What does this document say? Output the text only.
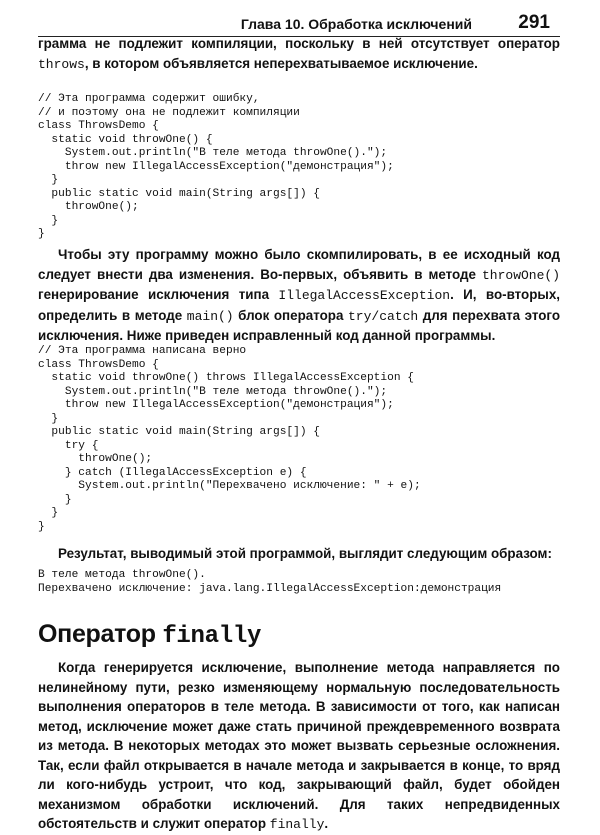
Глава 10. Обработка исключений 291

грамма не подлежит компиляции, поскольку в ней отсутствует оператор throws, в котором объявляется неперехватываемое исключение.

// Эта программа содержит ошибку,
// и поэтому она не подлежит компиляции
class ThrowsDemo {
static void throwOne() {
System.out.println("В теле метода throwOne().");
throw new IllegalAccessException("демонстрация");
}
public static void main(String args[]) {
throwOne();
}
}

Чтобы эту программу можно было скомпилировать, в ее исходный код следует внести два изменения. Во-первых, объявить в методе throwOne() генерирование исключения типа IllegalAccessException. И, во-вторых, определить в методе main() блок оператора try/catch для перехвата этого исключения. Ниже приведен исправленный код данной программы.

// Эта программа написана верно
class ThrowsDemo {
static void throwOne() throws IllegalAccessException {
System.out.println("В теле метода throwOne().");
throw new IllegalAccessException("демонстрация");
}
public static void main(String args[]) {
try {
throwOne();
} catch (IllegalAccessException e) {
System.out.println("Перехвачено исключение: " + e);
}
}
}

Результат, выводимый этой программой, выглядит следующим образом:

В теле метода throwOne().
Перехвачено исключение: java.lang.IllegalAccessException:демонстрация
Оператор finally

Когда генерируется исключение, выполнение метода направляется по нелинейному пути, резко изменяющему нормальную последовательность выполнения операторов в теле метода. В зависимости от того, как написан метод, исключение может даже стать причиной преждевременного возврата из метода. В некоторых методах это может вызвать серьезные осложнения. Так, если файл открывается в начале метода и закрывается в конце, то вряд ли кого-нибудь устроит, что код, закрывающий файл, будет обойден механизмом обработки исключений. Для таких непредвиденных обстоятельств и служит оператор finally.
